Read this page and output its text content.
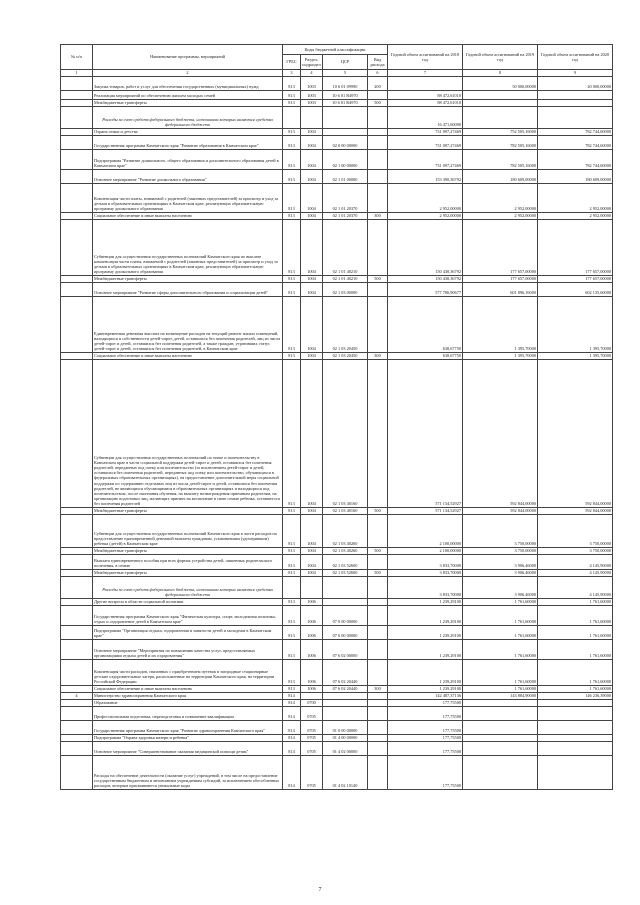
№ п/п	Наименование программы, мероприятий	Коды бюджетной классификации				Годовой объем ассигнований на 2018 год	Годовой объем ассигнований на 2019 год	Годовой объем ассигнований на 2020 год
		ГРБС	Раздел, подраздел	ЦСР	Вид расхода			
1	2	3	4	5	6	7	8	9
	Закупка товаров, работ и услуг для обеспечения государственных (муниципальных) нужд	813	1003	10 6 01 09990	200		50 000,00000	20 000,00000
	Реализация мероприятий по обеспечению жильем молодых семей	813	1003	10 6 01 R4970		88 472,61010		
	Межбюджетные трансферты	813	1003	10 6 01 R4970	500	88 472,61010		
	Расходы за счет средств федерального бюджета, источником которых являются средства федерального бюджета					16 471,60000		
	Охрана семьи и детства	813	1004			731 097,27469	752 505,16000	782 744,60000
	Государственная программа Камчатского края "Развитие образования в Камчатском крае"	813	1004	02 0 00 00000		731 097,27469	782 505,16000	782 744,60000
	Подпрограмма "Развитие дошкольного, общего образования и дополнительного образования детей в Камчатском крае"	813	1004	02 1 00 00000		731 097,27469	782 505,16000	782 744,60000
	Основное мероприятие "Развитие дошкольного образования"	813	1004	02 1 01 00000		153 390,36792	180 609,00000	180 609,00000
	Компенсация части платы, взимаемой с родителей (законных представителей) за присмотр и уход за детьми в образовательных организациях в Камчатском крае, реализующих образовательную программу дошкольного образования	813	1004	02 1 01 20370		2 952,00000	2 952,00000	2 952,00000
	Социальное обеспечение и иные выплаты населению	813	1004	02 1 01 20370	300	2 952,00000	2 952,00000	2 952,00000
	Субвенции для осуществления государственных полномочий Камчатского края по выплате компенсации части платы, взимаемой с родителей (законных представителей) за присмотр и уход за детьми в образовательных организациях в Камчатском крае, реализующих образовательную программу дошкольного образования	813	1004	02 1 01 40210		150 438,36792	177 657,00000	177 657,00000
	Межбюджетные трансферты	813	1004	02 1 01 40210	500	150 438,36792	177 657,00000	177 657,00000
	Основное мероприятие "Развитие сферы дополнительного образования и социализации детей"	813	1004	02 1 03 00000		577 706,90677	601 896,16000	602 135,60000
	Единовременная денежная выплата на возмещение расходов на текущий ремонт жилых помещений, находящихся в собственности детей-сирот, детей, оставшихся без попечения родителей, лиц из числа детей-сирот и детей, оставшихся без попечения родителей, а также граждан, утративших статус детей-сирот и детей, оставшихся без попечения родителей, в Камчатском крае	813	1004	02 1 03 20450		638,67750	1 395,70000	1 395,70000
	Социальное обеспечение и иные выплаты населению	813	1004	02 1 03 20450	300	638,67750	1 395,70000	1 395,70000
	Субвенции для осуществления государственных полномочий по опеке и попечительству в Камчатском крае в части социальной поддержки детей-сирот и детей, оставшихся без попечения родителей, переданных под опеку или попечительство (за исключением детей-сирот и детей, оставшихся без попечения родителей, переданных под опеку или попечительство, обучающихся в федеральных образовательных организациях), на предоставление дополнительной меры социальной поддержки по содержанию отдельных лиц из числа детей-сирот и детей, оставшихся без попечения родителей, не являющихся обучающимися в образовательных организациях и находящихся под попечительством, после окончания обучения, на выплату вознаграждения приемным родителям, на организацию подготовки лиц, желающих принять на воспитание в свою семью ребенка, оставшегося без попечения родителей	813	1004	02 1 03 40160		571 134,52927	592 844,00000	592 844,00000
	Межбюджетные трансферты	813	1004	02 1 03 40160	500	571 134,52927	592 844,00000	592 844,00000
	Субвенции для осуществления государственных полномочий Камчатского края в части расходов на предоставление единовременной денежной выплаты гражданам, усыновившим (удочерившим) ребенка (детей) в Камчатском крае	813	1004	02 1 03 40260		2 100,00000	3 750,00000	3 750,00000
	Межбюджетные трансферты	813	1004	02 1 03 40260	500	2 100,00000	3 750,00000	3 750,00000
	Выплата единовременного пособия при всех формах устройства детей, лишенных родительского попечения, в семью	813	1004	02 1 03 52600		3 833,70000	3 906,46000	4 145,90000
	Межбюджетные трансферты	813	1004	02 1 03 52600	500	3 833,70000	3 906,46000	4 145,90000
	Расходы за счет средств федерального бюджета, источником которых являются средства федерального бюджета					3 833,70000	3 906,46000	4 145,90000
	Другие вопросы в области социальной политики	813	1006			1 239,29100	1 761,60000	1 761,60000
	Государственная программа Камчатского края "Физическая культура, спорт, молодежная политика, отдых и оздоровление детей в Камчатском крае"	813	1006	07 0 00 00000		1 239,29100	1 761,60000	1 761,60000
	Подпрограмма "Организация отдыха, оздоровления и занятости детей и молодежи в Камчатском крае"	813	1006	07 6 00 00000		1 239,29100	1 761,60000	1 761,60000
	Основное мероприятие "Мероприятия по повышению качества услуг, предоставляемых организациями отдыха детей и их оздоровления"	813	1006	07 6 02 00000		1 239,29100	1 761,60000	1 761,60000
	Компенсация части расходов, связанных с приобретением путевок в загородные стационарные детские оздоровительные лагеря, расположенные на территории Камчатского края, на территории Российской Федерации	813	1006	07 6 02 20440		1 239,29100	1 761,60000	1 761,60000
	Социальное обеспечение и иные выплаты населению	813	1006	07 6 02 20440	300	1 239,29100	1 761,60000	1 761,60000
4	Министерство здравоохранения Камчатского края	814				142 487,37136	143 884,90000	146 236,39000
	Образование	814	0700			177,75500		
	Профессиональная подготовка, переподготовка и повышение квалификации	814	0705			177,75500		
	Государственная программа Камчатского края "Развитие здравоохранения Камчатского края"	814	0705	01 0 00 00000		177,75500		
	Подпрограмма "Охрана здоровья матери и ребенка"	814	0705	01 4 00 00000		177,75500		
	Основное мероприятие "Совершенствование оказания медицинской помощи детям"	814	0705	01 4 02 00000		177,75500		
	Расходы на обеспечение деятельности (оказание услуг) учреждений, в том числе на предоставление государственным бюджетным и автономным учреждениям субсидий, за исключением обособленных расходов, которым присваиваются уникальные коды	814	0705	01 4 02 10140		177,75500		
7
